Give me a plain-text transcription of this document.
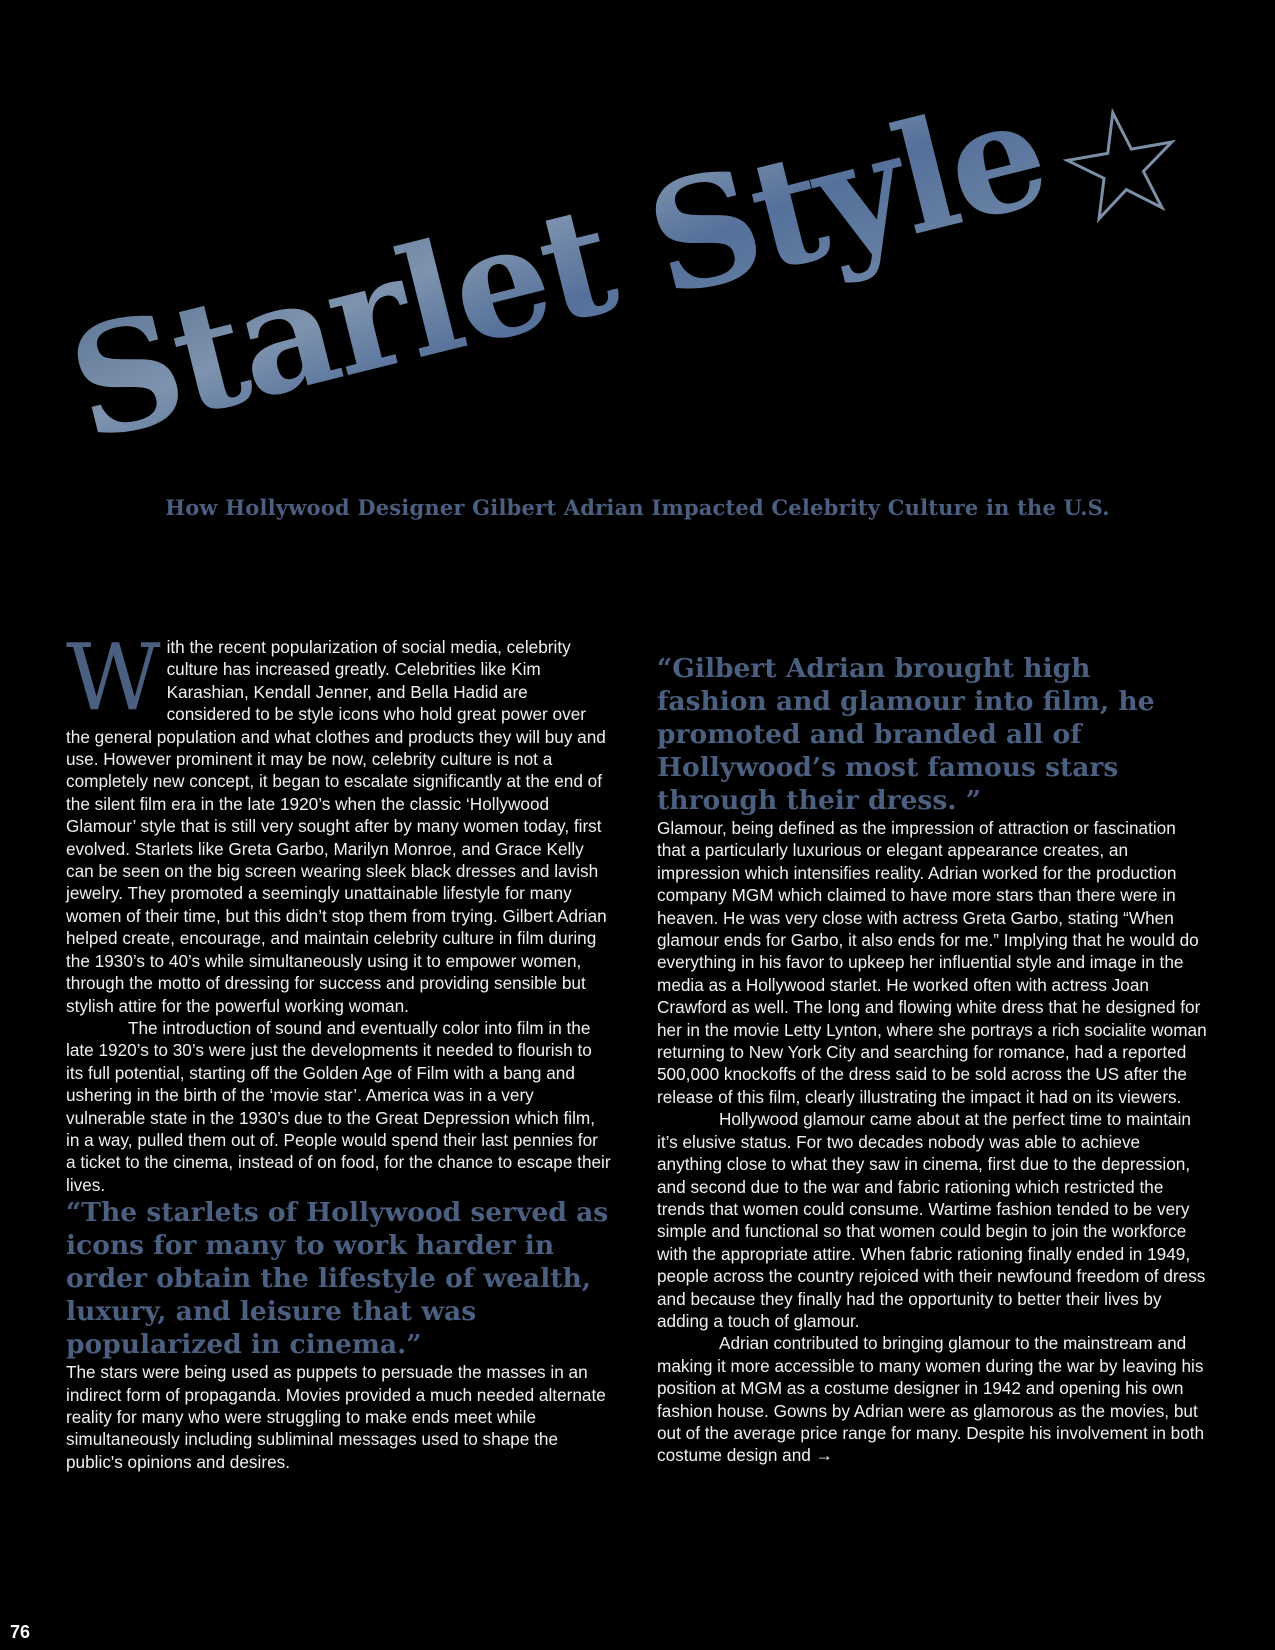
Starlet Style

How Hollywood Designer Gilbert Adrian Impacted Celebrity Culture in the U.S.

With the recent popularization of social media, celebrity culture has increased greatly. Celebrities like Kim Karashian, Kendall Jenner, and Bella Hadid are considered to be style icons who hold great power over the general population and what clothes and products they will buy and use. However prominent it may be now, celebrity culture is not a completely new concept, it began to escalate significantly at the end of the silent film era in the late 1920’s when the classic ‘Hollywood Glamour’ style that is still very sought after by many women today, first evolved. Starlets like Greta Garbo, Marilyn Monroe, and Grace Kelly can be seen on the big screen wearing sleek black dresses and lavish jewelry. They promoted a seemingly unattainable lifestyle for many women of their time, but this didn’t stop them from trying. Gilbert Adrian helped create, encourage, and maintain celebrity culture in film during the 1930’s to 40’s while simultaneously using it to empower women, through the motto of dressing for success and providing sensible but stylish attire for the powerful working woman.

The introduction of sound and eventually color into film in the late 1920’s to 30’s were just the developments it needed to flourish to its full potential, starting off the Golden Age of Film with a bang and ushering in the birth of the ‘movie star’. America was in a very vulnerable state in the 1930’s due to the Great Depression which film, in a way, pulled them out of. People would spend their last pennies for a ticket to the cinema, instead of on food, for the chance to escape their lives.

“The starlets of Hollywood served as icons for many to work harder in order obtain the lifestyle of wealth, luxury, and leisure that was popularized in cinema.”

The stars were being used as puppets to persuade the masses in an indirect form of propaganda. Movies provided a much needed alternate reality for many who were struggling to make ends meet while simultaneously including subliminal messages used to shape the public's opinions and desires.

“Gilbert Adrian brought high fashion and glamour into film, he promoted and branded all of Hollywood’s most famous stars through their dress. ”

Glamour, being defined as the impression of attraction or fascination that a particularly luxurious or elegant appearance creates, an impression which intensifies reality. Adrian worked for the production company MGM which claimed to have more stars than there were in heaven. He was very close with actress Greta Garbo, stating “When glamour ends for Garbo, it also ends for me.” Implying that he would do everything in his favor to upkeep her influential style and image in the media as a Hollywood starlet. He worked often with actress Joan Crawford as well. The long and flowing white dress that he designed for her in the movie Letty Lynton, where she portrays a rich socialite woman returning to New York City and searching for romance, had a reported 500,000 knockoffs of the dress said to be sold across the US after the release of this film, clearly illustrating the impact it had on its viewers.

Hollywood glamour came about at the perfect time to maintain it’s elusive status. For two decades nobody was able to achieve anything close to what they saw in cinema, first due to the depression, and second due to the war and fabric rationing which restricted the trends that women could consume. Wartime fashion tended to be very simple and functional so that women could begin to join the workforce with the appropriate attire. When fabric rationing finally ended in 1949, people across the country rejoiced with their newfound freedom of dress and because they finally had the opportunity to better their lives by adding a touch of glamour.

Adrian contributed to bringing glamour to the mainstream and making it more accessible to many women during the war by leaving his position at MGM as a costume designer in 1942 and opening his own fashion house. Gowns by Adrian were as glamorous as the movies, but out of the average price range for many. Despite his involvement in both costume design and →

76
